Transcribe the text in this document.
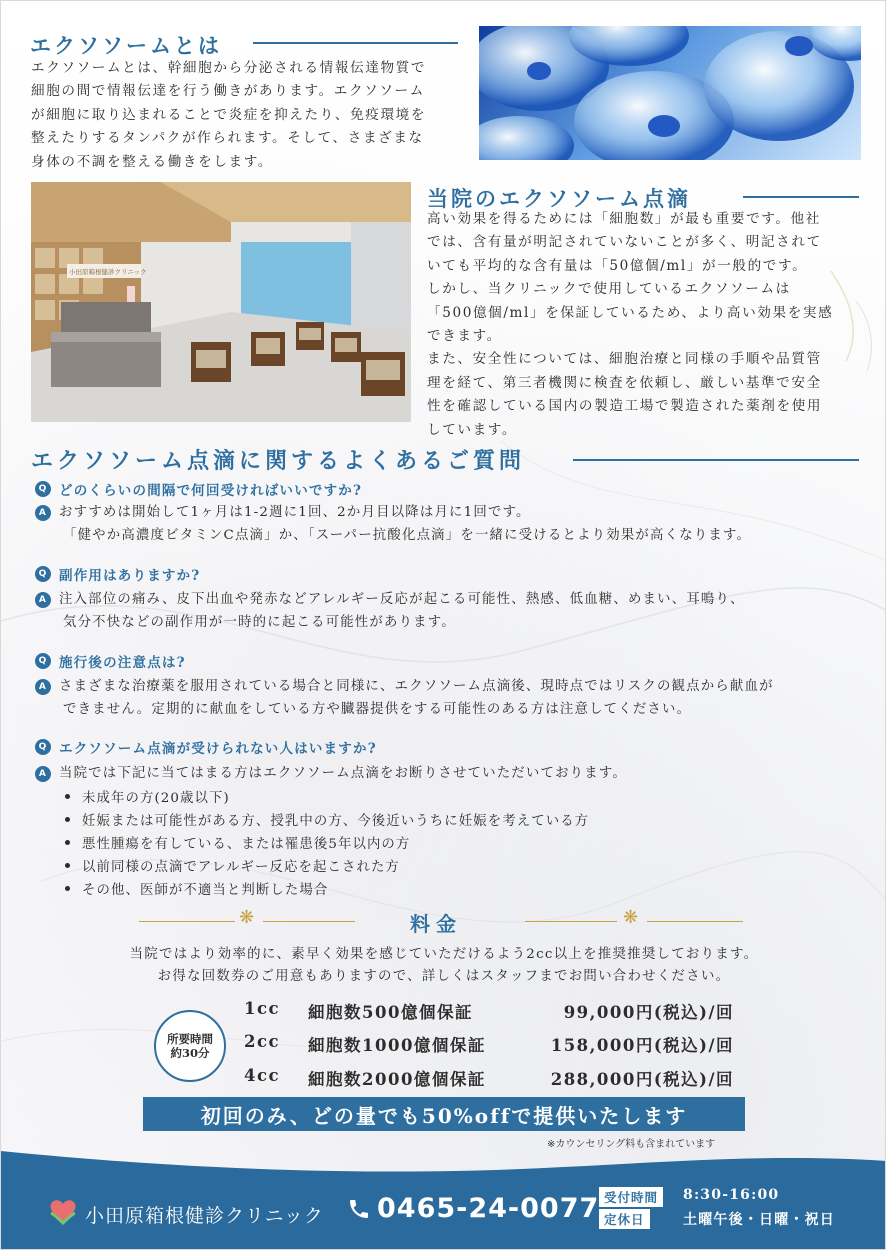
エクソソームとは

エクソソームとは、幹細胞から分泌される情報伝達物質で

細胞の間で情報伝達を行う働きがあります。エクソソーム

が細胞に取り込まれることで炎症を抑えたり、免疫環境を

整えたりするタンパクが作られます。そして、さまざまな

身体の不調を整える働きをします。

小田原箱根健診クリニック
当院のエクソソーム点滴

高い効果を得るためには「細胞数」が最も重要です。他社

では、含有量が明記されていないことが多く、明記されて

いても平均的な含有量は「50億個/ml」が一般的です。

しかし、当クリニックで使用しているエクソソームは

「500億個/ml」を保証しているため、より高い効果を実感

できます。

また、安全性については、細胞治療と同様の手順や品質管

理を経て、第三者機関に検査を依頼し、厳しい基準で安全

性を確認している国内の製造工場で製造された薬剤を使用

しています。

エクソソーム点滴に関するよくあるご質問
Q どのくらいの間隔で何回受ければいいですか?
A おすすめは開始して1ヶ月は1-2週に1回、2か月目以降は月に1回です。
「健やか高濃度ビタミンC点滴」か、「スーパー抗酸化点滴」を一緒に受けるとより効果が高くなります。
Q 副作用はありますか?
A 注入部位の痛み、皮下出血や発赤などアレルギー反応が起こる可能性、熱感、低血糖、めまい、耳鳴り、
気分不快などの副作用が一時的に起こる可能性があります。
Q 施行後の注意点は?
A さまざまな治療薬を服用されている場合と同様に、エクソソーム点滴後、現時点ではリスクの観点から献血が
できません。定期的に献血をしている方や臓器提供をする可能性のある方は注意してください。
Q エクソソーム点滴が受けられない人はいますか?
A 当院では下記に当てはまる方はエクソソーム点滴をお断りさせていただいております。
未成年の方(20歳以下)
妊娠または可能性がある方、授乳中の方、今後近いうちに妊娠を考えている方
悪性腫瘍を有している、または罹患後5年以内の方
以前同様の点滴でアレルギー反応を起こされた方
その他、医師が不適当と判断した場合
❋	料金	❋
当院ではより効率的に、素早く効果を感じていただけるよう2cc以上を推奨推奨しております。
お得な回数券のご用意もありますので、詳しくはスタッフまでお問い合わせください。
所要時間
約30分
1cc 細胞数500億個保証	99,000円(税込)/回
2cc 細胞数1000億個保証	158,000円(税込)/回
4cc 細胞数2000億個保証	288,000円(税込)/回
初回のみ、どの量でも50%offで提供いたします
※カウンセリング料も含まれています
小田原箱根健診クリニック 0465-24-0077 受付時間	8:30-16:00
定休日	土曜午後・日曜・祝日
